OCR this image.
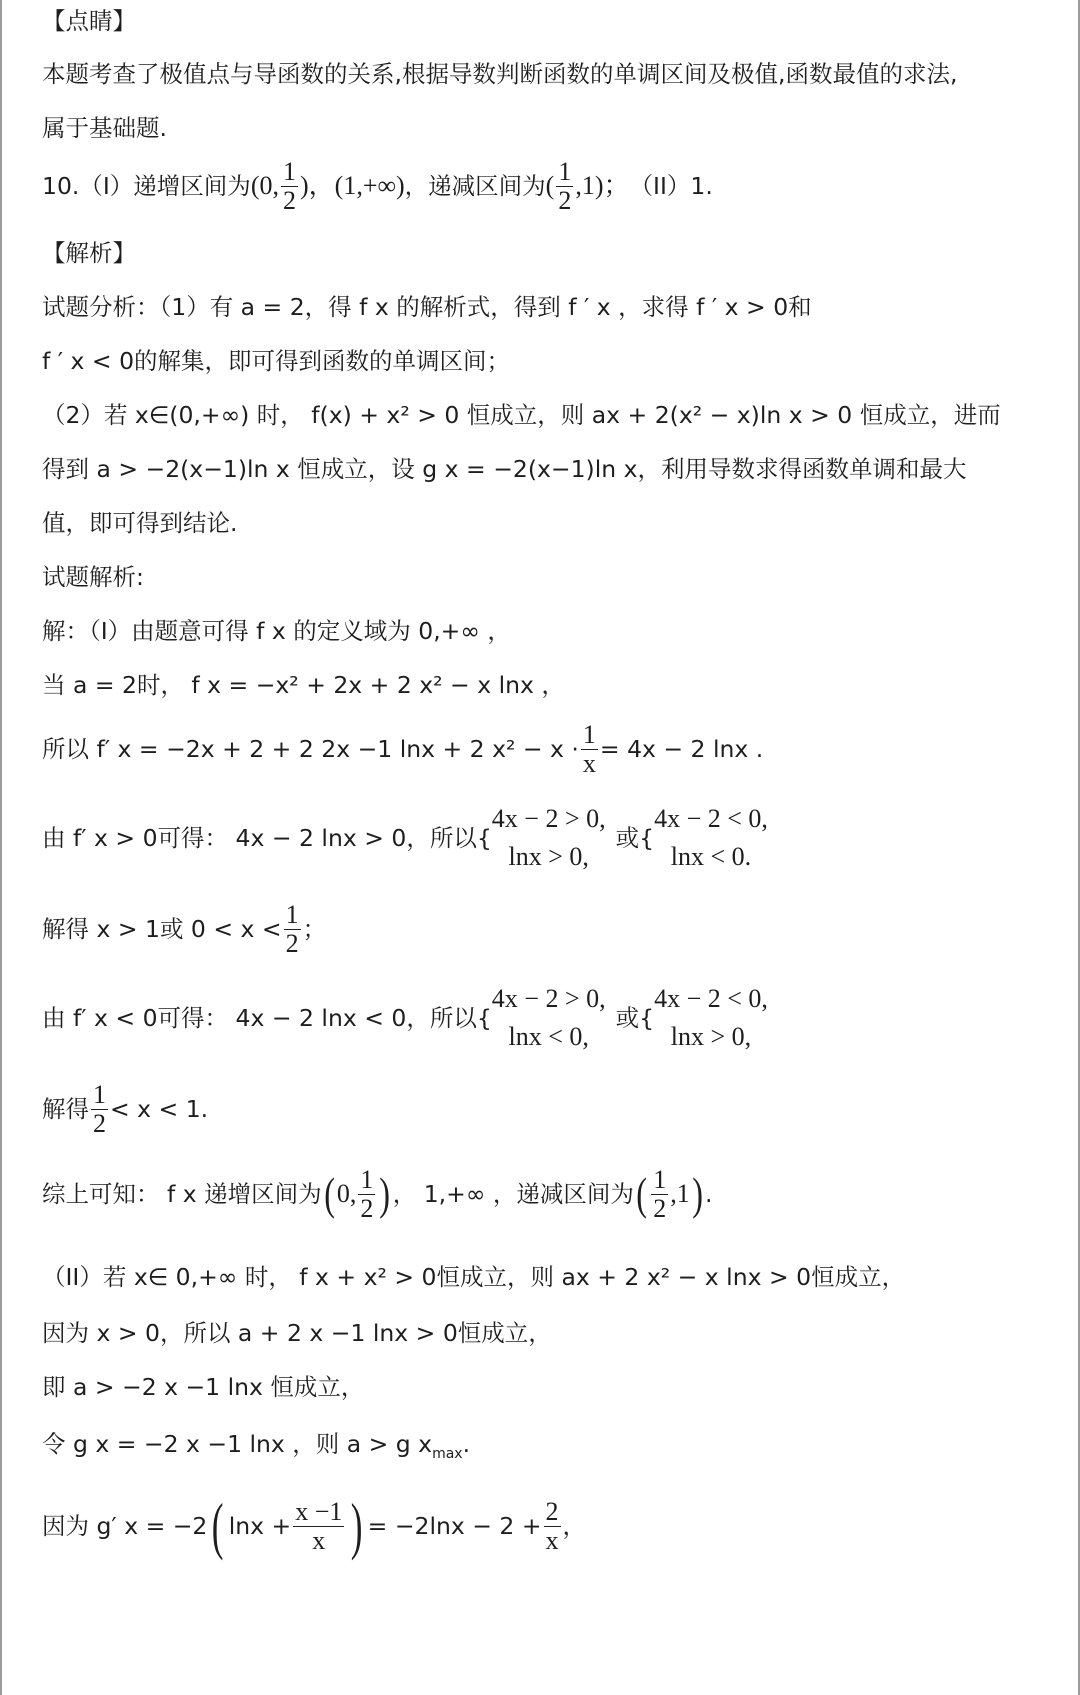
【点睛】
本题考查了极值点与导函数的关系,根据导数判断函数的单调区间及极值,函数最值的求法,
属于基础题.
10.（I）递增区间为 (0, $\frac{1}{2}$ )， (1,+∞) ，递减区间为 ( $\frac{1}{2} ,1$)； （II）1.
【解析】
试题分析：（1）有 a = 2，得 f x 的解析式，得到 f ′ x ，求得 f ′ x > 0和
f ′ x < 0的解集，即可得到函数的单调区间；
（2）若 x∈(0,+∞) 时， f(x) + x² > 0 恒成立，则 ax + 2(x² − x)ln x > 0 恒成立，进而
得到 a > −2(x−1)ln x 恒成立，设 g x = −2(x−1)ln x，利用导数求得函数单调和最大
值，即可得到结论.
试题解析:
解：（I）由题意可得 f x 的定义域为 0,+∞ ，
当 a = 2时， f x = −x² + 2x + 2 x² − x lnx ，
所以 f′ x = −2x + 2 + 2 2x −1 lnx + 2 $x^2 - x \cdot \frac{1}{x} = 4x - 2$ lnx .
由 f′ x > 0可得： 4x − 2 lnx > 0，所以{
4x − 2 > 0,
lnx > 0,
或{
4x − 2 < 0,
lnx < 0.
解得 x > 1或 $0 < x < \frac{1}{2}$ ；
由 f′ x < 0可得： 4x − 2 lnx < 0，所以{
4x − 2 > 0,
lnx < 0,
或{
4x − 2 < 0,
lnx > 0,
解得 $\frac{1}{2} < x < 1$.
综上可知： f x 递增区间为 ( 0, $\frac{1}{2}$ ) ， 1,+∞ ，递减区间为 ( $\frac{1}{2} ,1$ ) .
（II）若 x∈ 0,+∞ 时， f x + x² > 0恒成立，则 ax + 2 x² − x lnx > 0恒成立，
因为 x > 0，所以 a + 2 x −1 lnx > 0恒成立，
即 a > −2 x −1 lnx 恒成立，
令 g x = −2 x −1 lnx ，则 a > g x max .
因为 g′ x = −2 ( $\ln x + \frac{x -1}{x}$ ) = $-2\ln x - 2 + \frac{2}{x}$ ，
